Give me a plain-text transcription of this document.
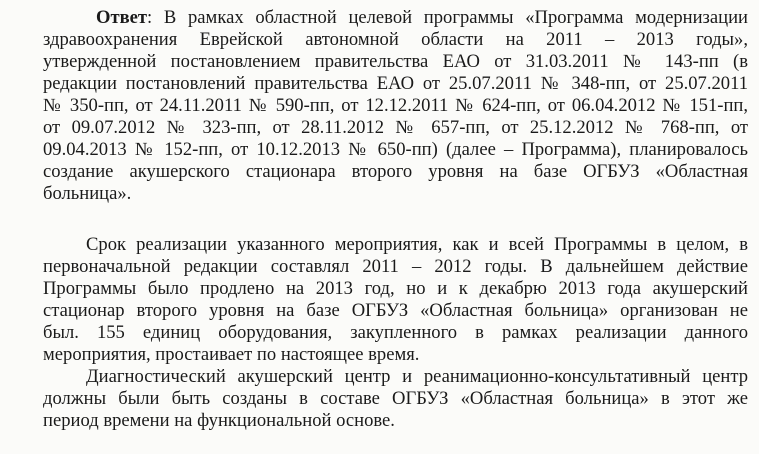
Ответ: В рамках областной целевой программы «Программа модернизации
здравоохранения Еврейской автономной области на 2011 – 2013 годы»,
утвержденной постановлением правительства ЕАО от 31.03.2011 № 143-пп (в
редакции постановлений правительства ЕАО от 25.07.2011 № 348-пп, от 25.07.2011
№ 350-пп, от 24.11.2011 № 590-пп, от 12.12.2011 № 624-пп, от 06.04.2012 № 151-пп,
от 09.07.2012 № 323-пп, от 28.11.2012 № 657-пп, от 25.12.2012 № 768-пп, от
09.04.2013 № 152-пп, от 10.12.2013 № 650-пп) (далее – Программа), планировалось
создание акушерского стационара второго уровня на базе ОГБУЗ «Областная
больница».
Срок реализации указанного мероприятия, как и всей Программы в целом, в
первоначальной редакции составлял 2011 – 2012 годы. В дальнейшем действие
Программы было продлено на 2013 год, но и к декабрю 2013 года акушерский
стационар второго уровня на базе ОГБУЗ «Областная больница» организован не
был. 155 единиц оборудования, закупленного в рамках реализации данного
мероприятия, простаивает по настоящее время.
Диагностический акушерский центр и реанимационно-консультативный центр
должны были быть созданы в составе ОГБУЗ «Областная больница» в этот же
период времени на функциональной основе.
